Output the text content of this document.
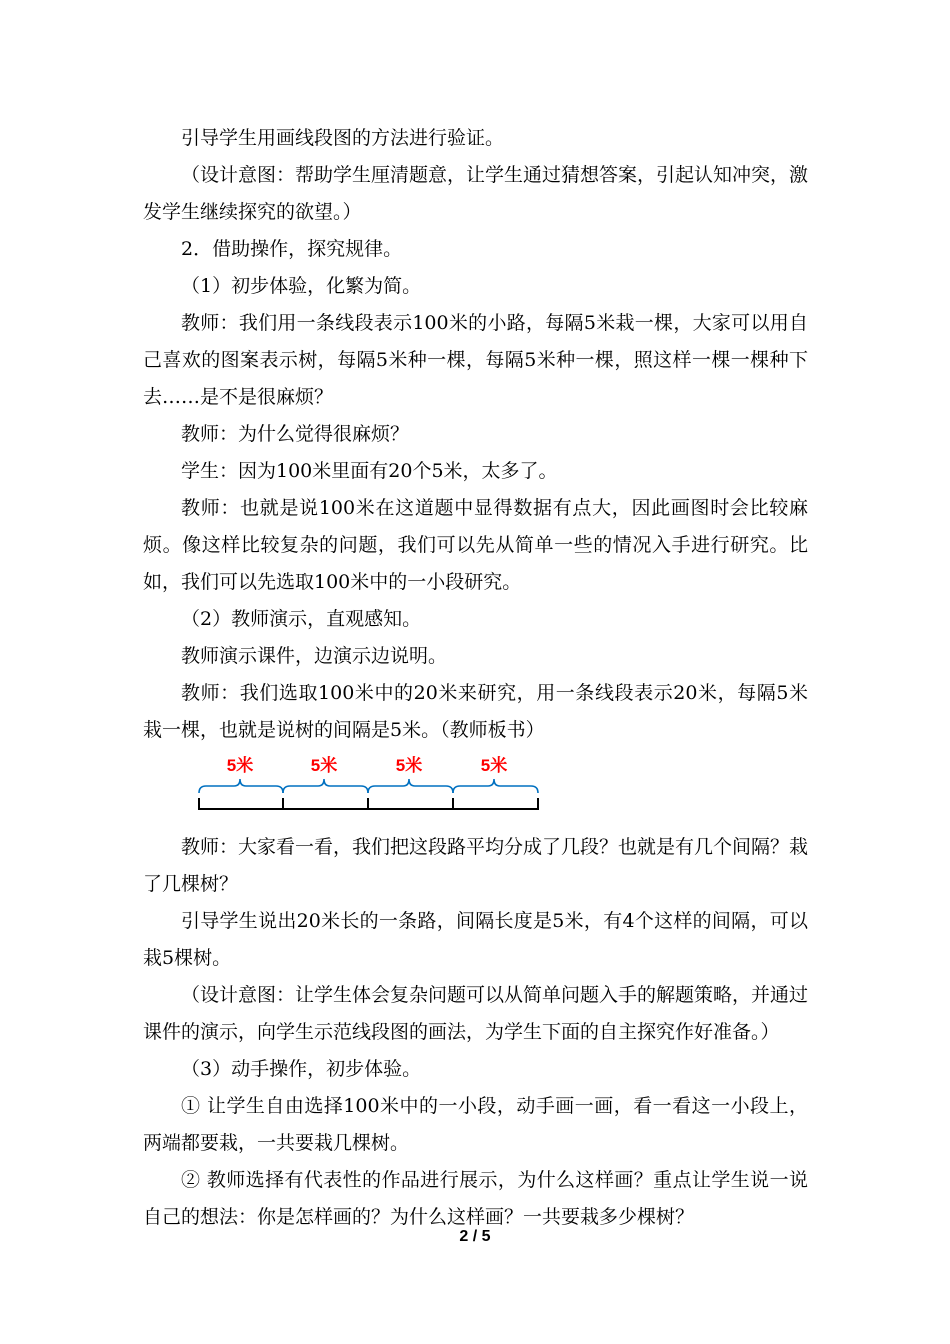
引导学生用画线段图的方法进行验证。

（设计意图：帮助学生厘清题意，让学生通过猜想答案，引起认知冲突，激发学生继续探究的欲望。）

2．借助操作，探究规律。

（1）初步体验，化繁为简。

教师：我们用一条线段表示100米的小路，每隔5米栽一棵，大家可以用自己喜欢的图案表示树，每隔5米种一棵，每隔5米种一棵，照这样一棵一棵种下去……是不是很麻烦？

教师：为什么觉得很麻烦？

学生：因为100米里面有20个5米，太多了。

教师：也就是说100米在这道题中显得数据有点大，因此画图时会比较麻烦。像这样比较复杂的问题，我们可以先从简单一些的情况入手进行研究。比如，我们可以先选取100米中的一小段研究。

（2）教师演示，直观感知。

教师演示课件，边演示边说明。

教师：我们选取100米中的20米来研究，用一条线段表示20米，每隔5米栽一棵，也就是说树的间隔是5米。（教师板书）

5米	5米	5米	5米

教师：大家看一看，我们把这段路平均分成了几段？也就是有几个间隔？栽了几棵树？

引导学生说出20米长的一条路，间隔长度是5米，有4个这样的间隔，可以栽5棵树。

（设计意图：让学生体会复杂问题可以从简单问题入手的解题策略，并通过课件的演示，向学生示范线段图的画法，为学生下面的自主探究作好准备。）

（3）动手操作，初步体验。

① 让学生自由选择100米中的一小段，动手画一画，看一看这一小段上，两端都要栽，一共要栽几棵树。

② 教师选择有代表性的作品进行展示，为什么这样画？重点让学生说一说自己的想法：你是怎样画的？为什么这样画？一共要栽多少棵树？

2 / 5
